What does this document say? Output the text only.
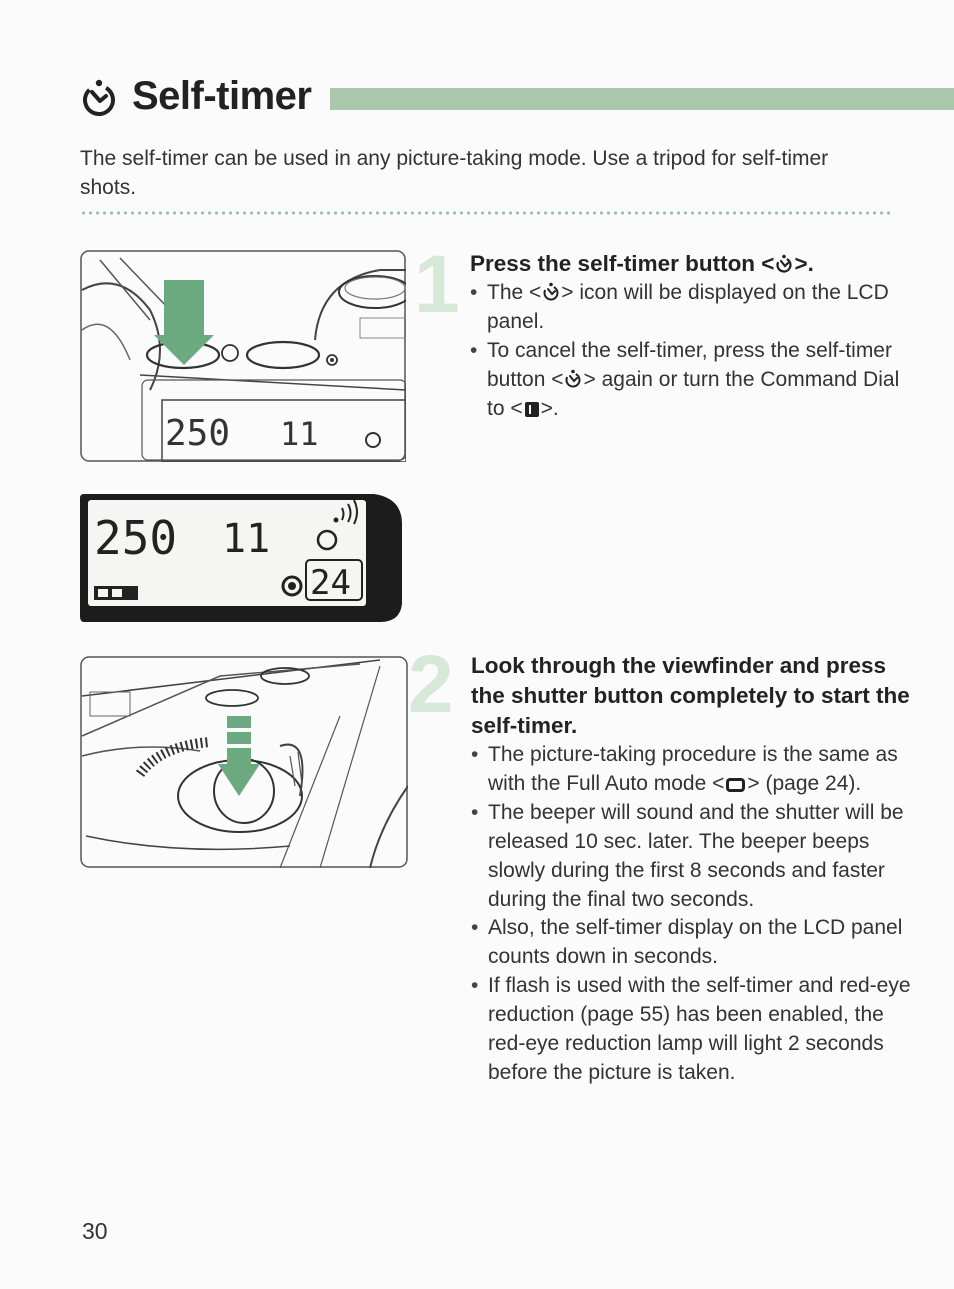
Self-timer
The self-timer can be used in any picture-taking mode. Use a tripod for self-timer shots.
250 11
250 11
24
1
2
Press the self-timer button < >.
• The < > icon will be displayed on the LCD panel.
• To cancel the self-timer, press the self-timer button < > again or turn the Command Dial to < >.
Look through the viewfinder and press the shutter button completely to start the self-timer.
• The picture-taking procedure is the same as with the Full Auto mode < > (page 24).
• The beeper will sound and the shutter will be released 10 sec. later. The beeper beeps slowly during the first 8 seconds and faster during the final two seconds.
• Also, the self-timer display on the LCD panel counts down in seconds.
• If flash is used with the self-timer and red-eye reduction (page 55) has been enabled, the red-eye reduction lamp will light 2 seconds before the picture is taken.
30
